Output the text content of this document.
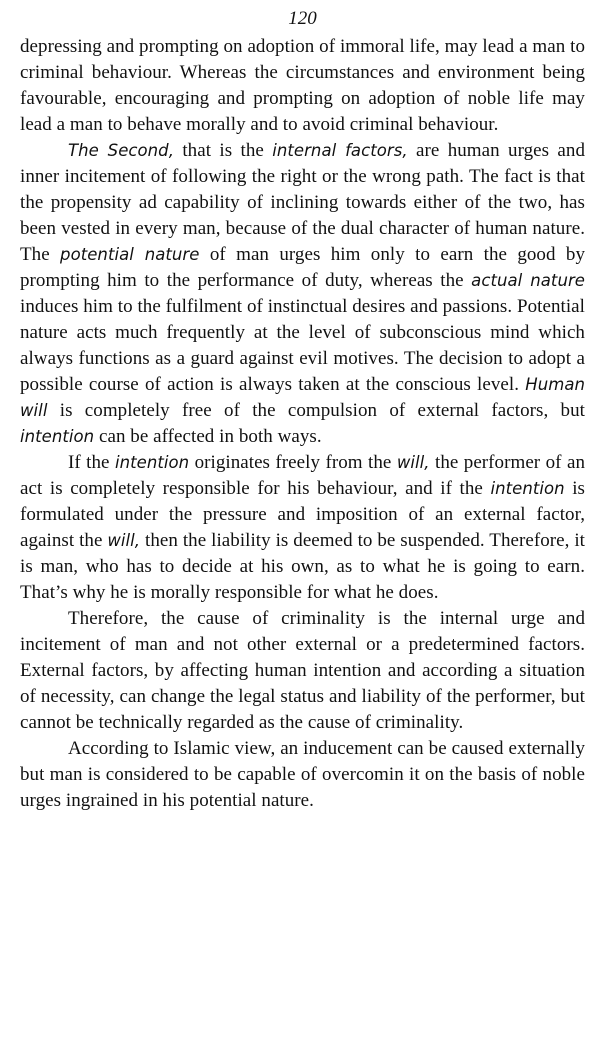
120

depressing and prompting on adoption of immoral life, may lead a man to criminal behaviour. Whereas the circumstances and environment being favourable, encouraging and prompting on adoption of noble life may lead a man to behave morally and to avoid criminal behaviour.

The Second, that is the internal factors, are human urges and inner incitement of following the right or the wrong path. The fact is that the propensity ad capability of inclining towards either of the two, has been vested in every man, because of the dual character of human nature. The potential nature of man urges him only to earn the good by prompting him to the performance of duty, whereas the actual nature induces him to the fulfilment of instinctual desires and passions. Potential nature acts much frequently at the level of subconscious mind which always functions as a guard against evil motives. The decision to adopt a possible course of action is always taken at the conscious level. Human will is completely free of the compulsion of external factors, but intention can be affected in both ways.

If the intention originates freely from the will, the performer of an act is completely responsible for his behaviour, and if the intention is formulated under the pressure and imposition of an external factor, against the will, then the liability is deemed to be suspended. Therefore, it is man, who has to decide at his own, as to what he is going to earn. That’s why he is morally responsible for what he does.

Therefore, the cause of criminality is the internal urge and incitement of man and not other external or a predetermined factors. External factors, by affecting human intention and according a situation of necessity, can change the legal status and liability of the performer, but cannot be technically regarded as the cause of criminality.

According to Islamic view, an inducement can be caused externally but man is considered to be capable of overcomin it on the basis of noble urges ingrained in his potential nature.
